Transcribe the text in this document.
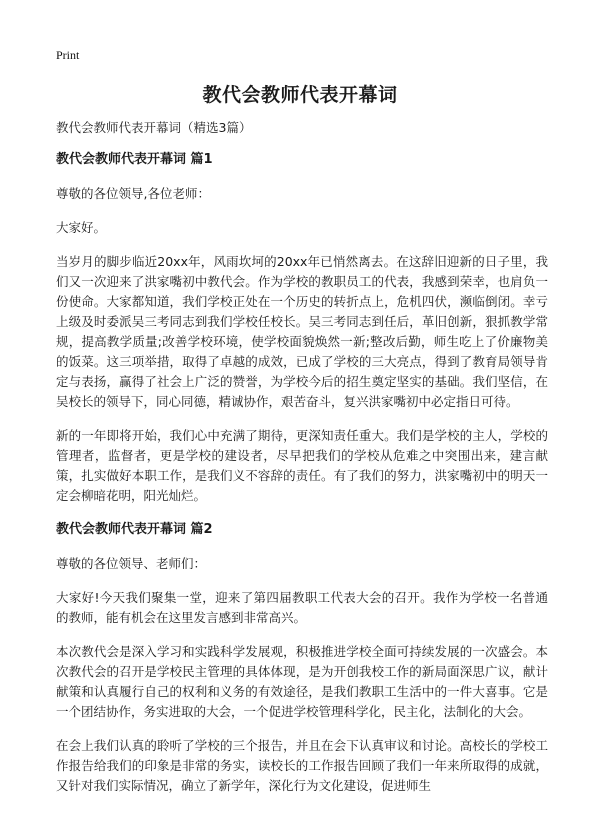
Print
教代会教师代表开幕词

教代会教师代表开幕词（精选3篇）

教代会教师代表开幕词 篇1

尊敬的各位领导,各位老师：

大家好。

当岁月的脚步临近20xx年，风雨坎坷的20xx年已悄然离去。在这辞旧迎新的日子里，我们又一次迎来了洪家嘴初中教代会。作为学校的教职员工的代表，我感到荣幸，也肩负一份使命。大家都知道，我们学校正处在一个历史的转折点上，危机四伏，濒临倒闭。幸亏上级及时委派吴三考同志到我们学校任校长。吴三考同志到任后，革旧创新，狠抓教学常规，提高教学质量;改善学校环境，使学校面貌焕然一新;整改后勤，师生吃上了价廉物美的饭菜。这三项举措，取得了卓越的成效，已成了学校的三大亮点，得到了教育局领导肯定与表扬，赢得了社会上广泛的赞誉，为学校今后的招生奠定坚实的基础。我们坚信，在吴校长的领导下，同心同德，精诚协作，艰苦奋斗，复兴洪家嘴初中必定指日可待。

新的一年即将开始，我们心中充满了期待，更深知责任重大。我们是学校的主人，学校的管理者，监督者，更是学校的建设者，尽早把我们的学校从危难之中突围出来，建言献策，扎实做好本职工作，是我们义不容辞的责任。有了我们的努力，洪家嘴初中的明天一定会柳暗花明，阳光灿烂。

教代会教师代表开幕词 篇2

尊敬的各位领导、老师们：

大家好!今天我们聚集一堂，迎来了第四届教职工代表大会的召开。我作为学校一名普通的教师，能有机会在这里发言感到非常高兴。

本次教代会是深入学习和实践科学发展观，积极推进学校全面可持续发展的一次盛会。本次教代会的召开是学校民主管理的具体体现，是为开创我校工作的新局面深思广议，献计献策和认真履行自己的权利和义务的有效途径，是我们教职工生活中的一件大喜事。它是一个团结协作，务实进取的大会，一个促进学校管理科学化，民主化，法制化的大会。

在会上我们认真的聆听了学校的三个报告，并且在会下认真审议和讨论。高校长的学校工作报告给我们的印象是非常的务实，读校长的工作报告回顾了我们一年来所取得的成就，又针对我们实际情况，确立了新学年，深化行为文化建设，促进师生
